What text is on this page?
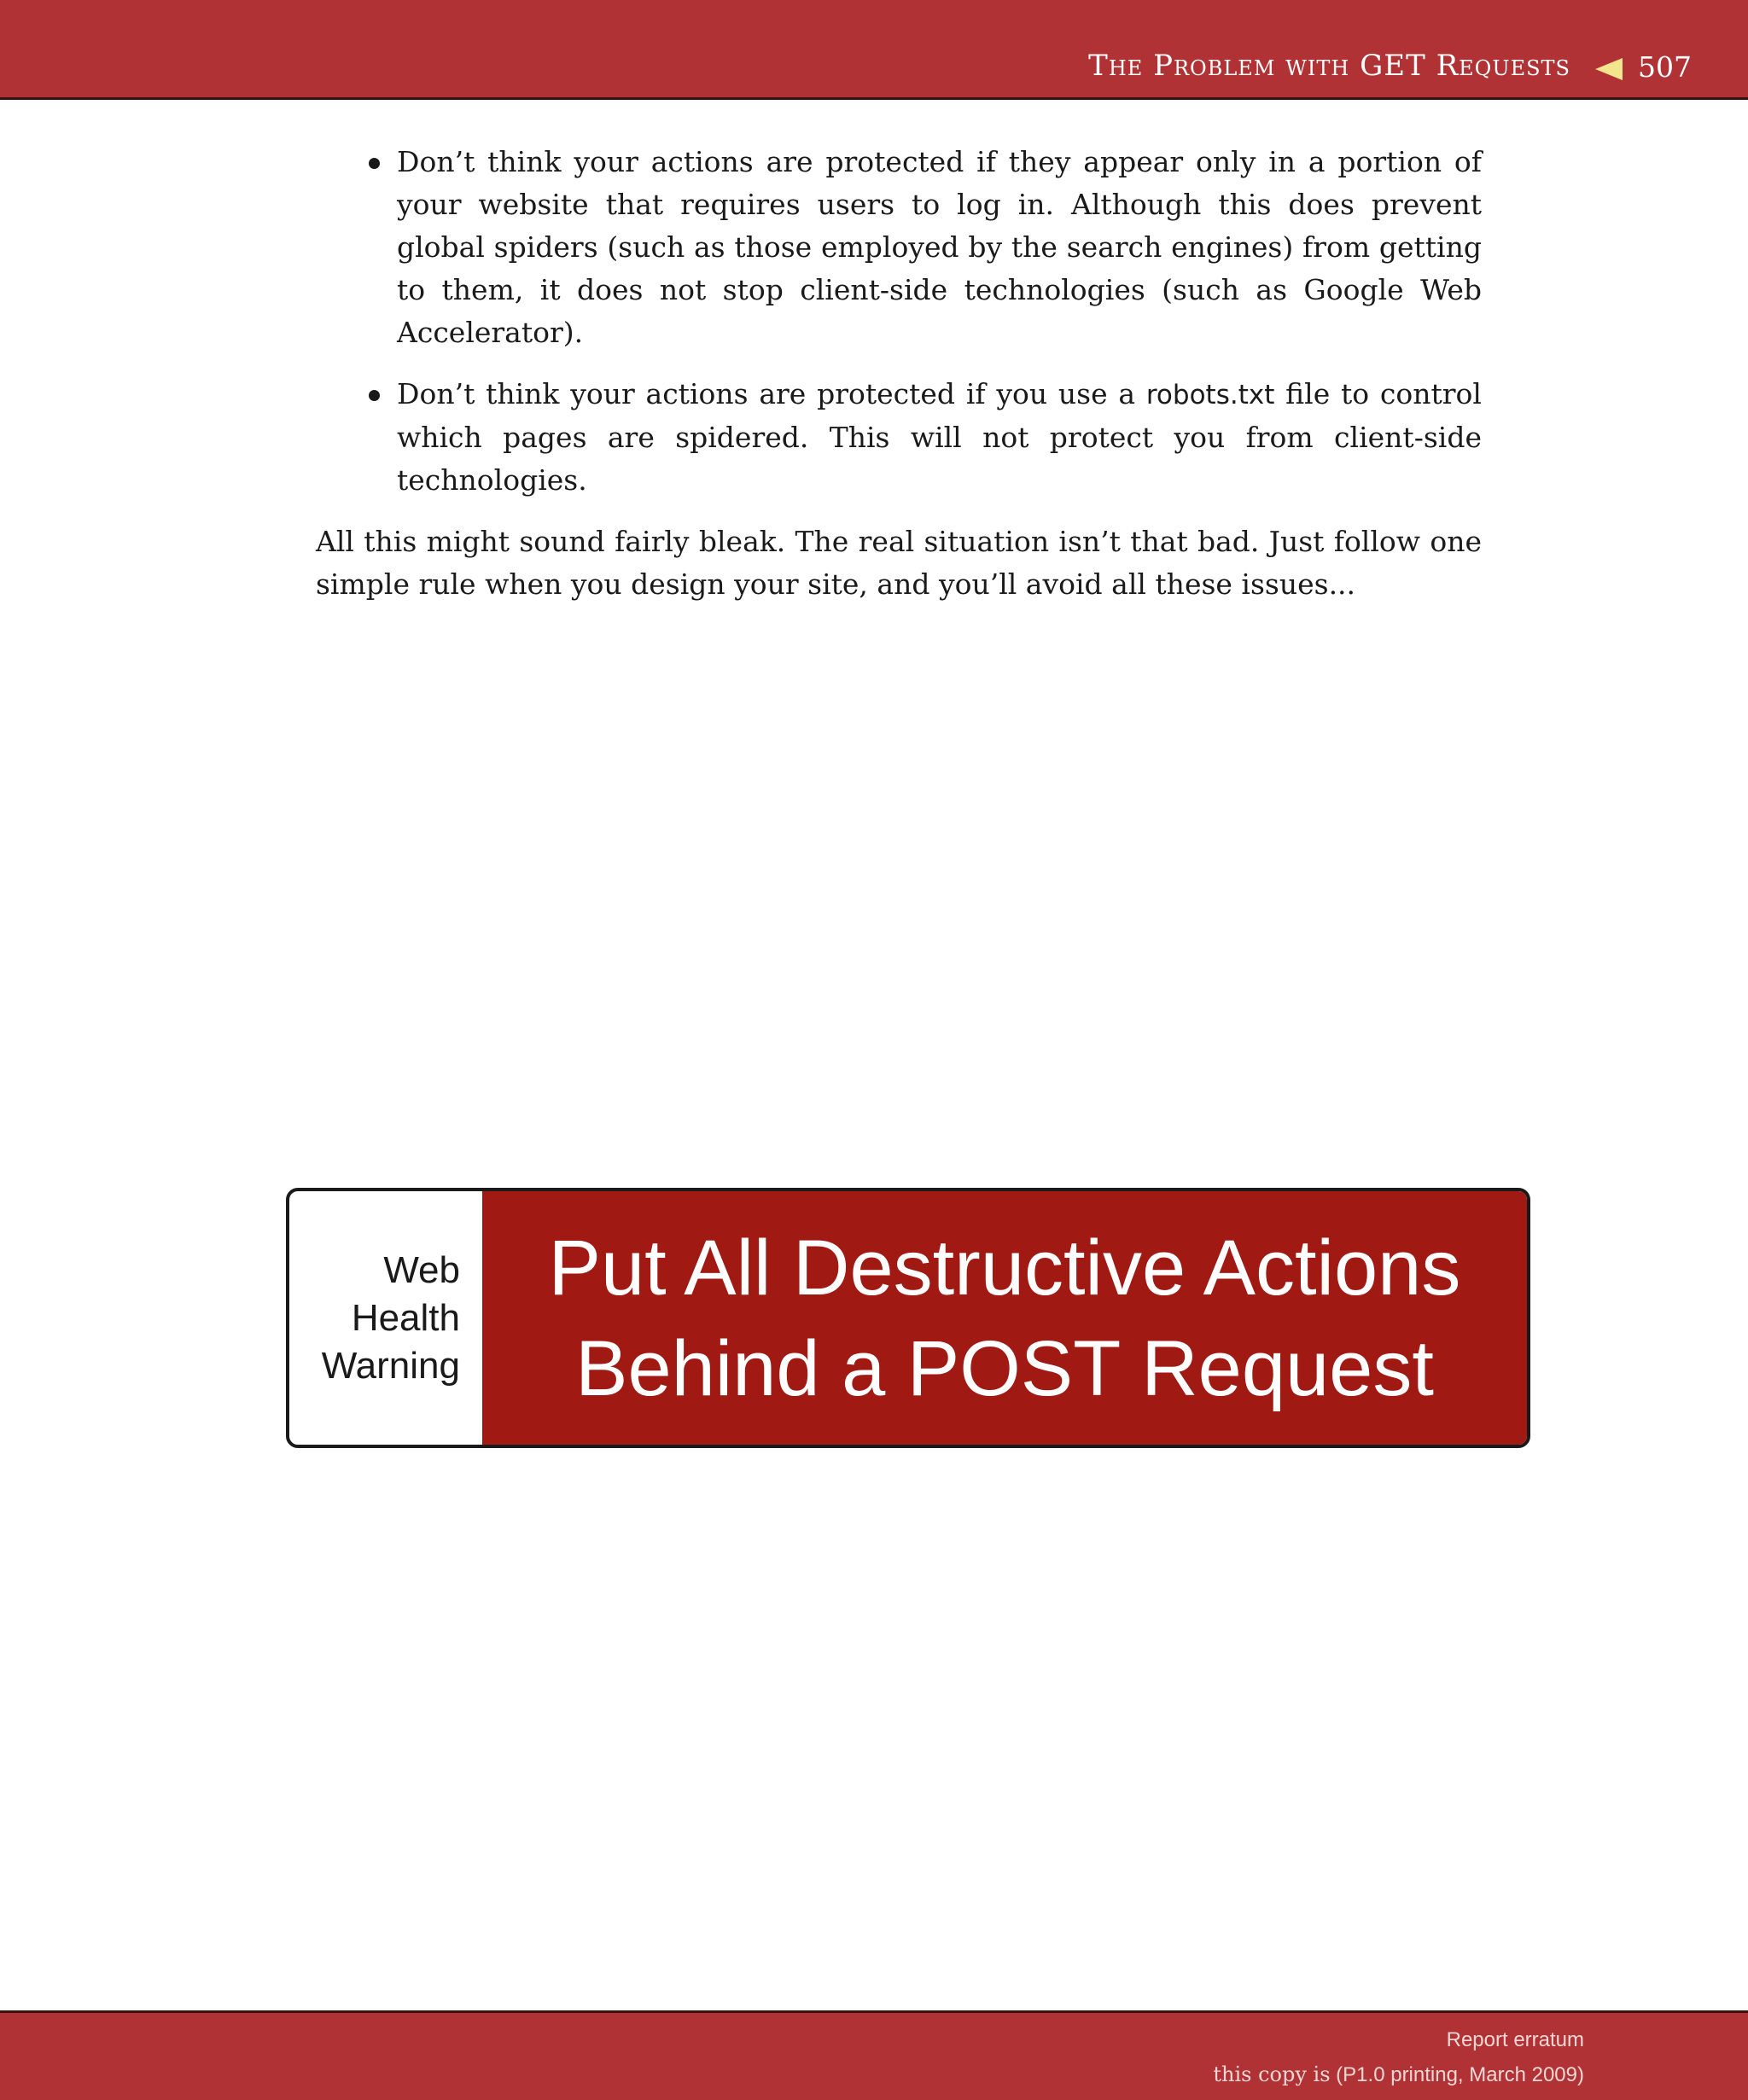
The Problem with GET Requests 507

Don’t think your actions are protected if they appear only in a portion of your website that requires users to log in. Although this does prevent global spiders (such as those employed by the search engines) from getting to them, it does not stop client-side technologies (such as Google Web Accelerator).

Don’t think your actions are protected if you use a robots.txt file to control which pages are spidered. This will not protect you from client-side technologies.

All this might sound fairly bleak. The real situation isn’t that bad. Just follow one simple rule when you design your site, and you’ll avoid all these issues...

Web
Health
Warning
Put All Destructive Actions
Behind a POST Request
Report erratum
this copy is (P1.0 printing, March 2009)
